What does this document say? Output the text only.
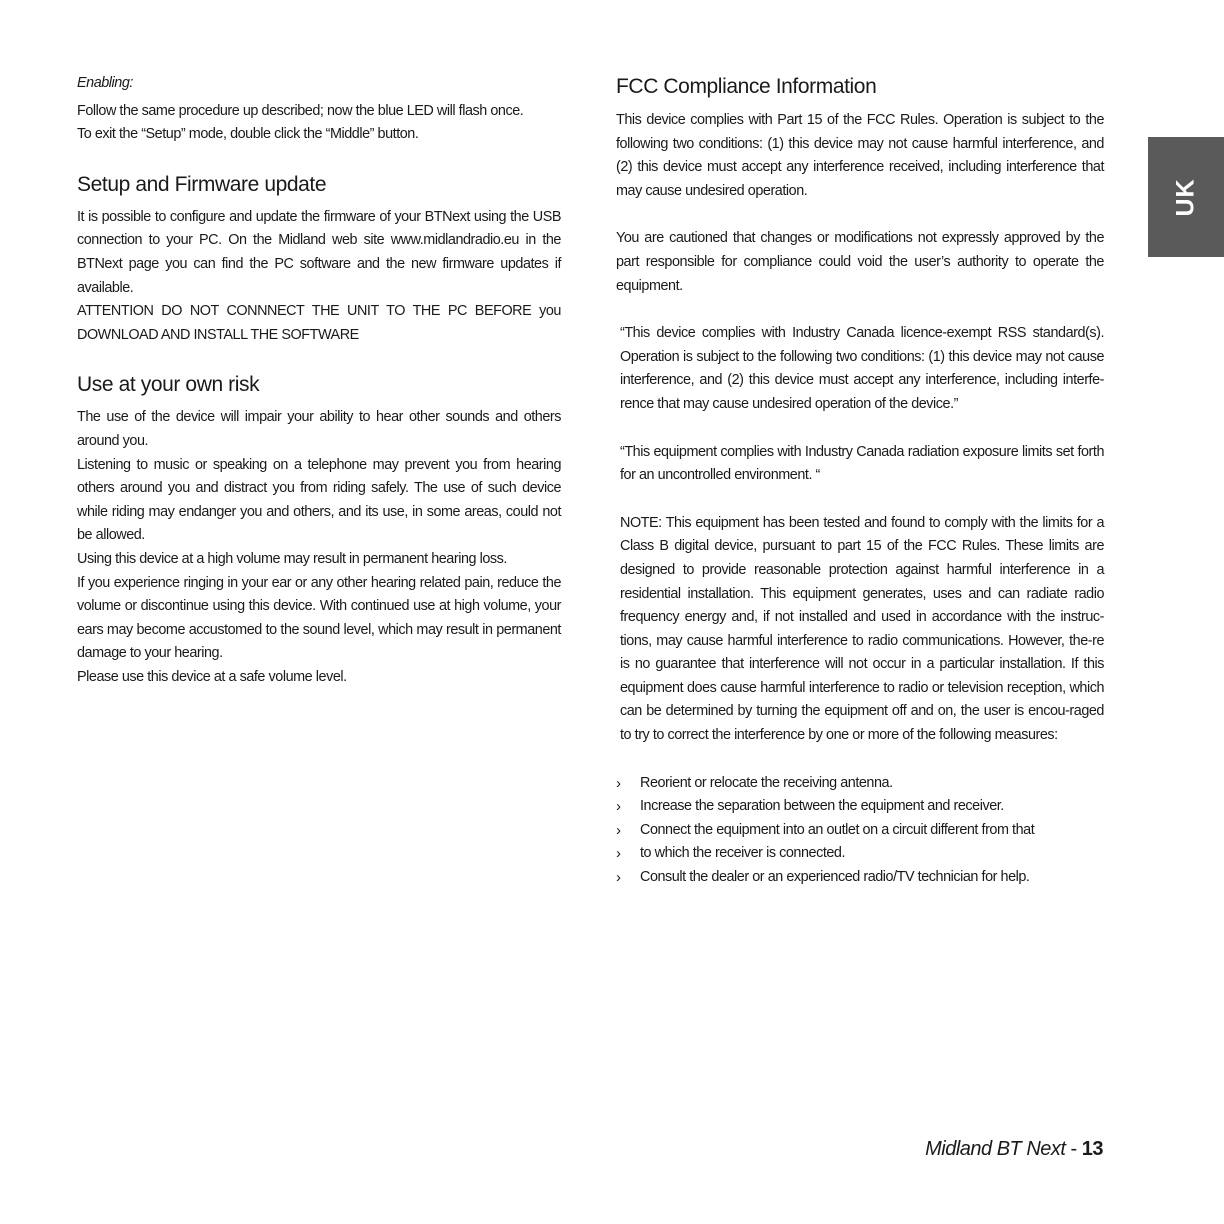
Enabling:

Follow the same procedure up described; now the blue LED will flash once.

To exit the “Setup” mode, double click the “Middle” button.

Setup and Firmware update

It is possible to configure and update the firmware of your BTNext using the USB connection to your PC. On the Midland web site www.midlandradio.eu in the BTNext page you can find the PC software and the new firmware updates if available.

ATTENTION DO NOT CONNNECT THE UNIT TO THE PC BEFORE you DOWNLOAD AND INSTALL THE SOFTWARE

Use at your own risk

The use of the device will impair your ability to hear other sounds and others around you.

Listening to music or speaking on a telephone may prevent you from hearing others around you and distract you from riding safely. The use of such device while riding may endanger you and others, and its use, in some areas, could not be allowed.

Using this device at a high volume may result in permanent hearing loss.

If you experience ringing in your ear or any other hearing related pain, reduce the volume or discontinue using this device. With continued use at high volume, your ears may become accustomed to the sound level, which may result in permanent damage to your hearing.

Please use this device at a safe volume level.

FCC Compliance Information

This device complies with Part 15 of the FCC Rules. Operation is subject to the following two conditions: (1) this device may not cause harmful interference, and (2) this device must accept any interference received, including interference that may cause undesired operation.

You are cautioned that changes or modifications not expressly approved by the part responsible for compliance could void the user’s authority to operate the equipment.

“This device complies with Industry Canada licence-exempt RSS standard(s). Operation is subject to the following two conditions: (1) this device may not cause interference, and (2) this device must accept any interference, including interfe-rence that may cause undesired operation of the device.”

“This equipment complies with Industry Canada radiation exposure limits set forth for an uncontrolled environment. “

NOTE: This equipment has been tested and found to comply with the limits for a Class B digital device, pursuant to part 15 of the FCC Rules. These limits are designed to provide reasonable protection against harmful interference in a residential installation. This equipment generates, uses and can radiate radio frequency energy and, if not installed and used in accordance with the instruc-tions, may cause harmful interference to radio communications. However, the-re is no guarantee that interference will not occur in a particular installation. If this equipment does cause harmful interference to radio or television reception, which can be determined by turning the equipment off and on, the user is encou-raged to try to correct the interference by one or more of the following measures:

›	Reorient or relocate the receiving antenna.
›	Increase the separation between the equipment and receiver.
›	Connect the equipment into an outlet on a circuit different from that
›	to which the receiver is connected.
›	Consult the dealer or an experienced radio/TV technician for help.
UK
Midland BT Next - 13
